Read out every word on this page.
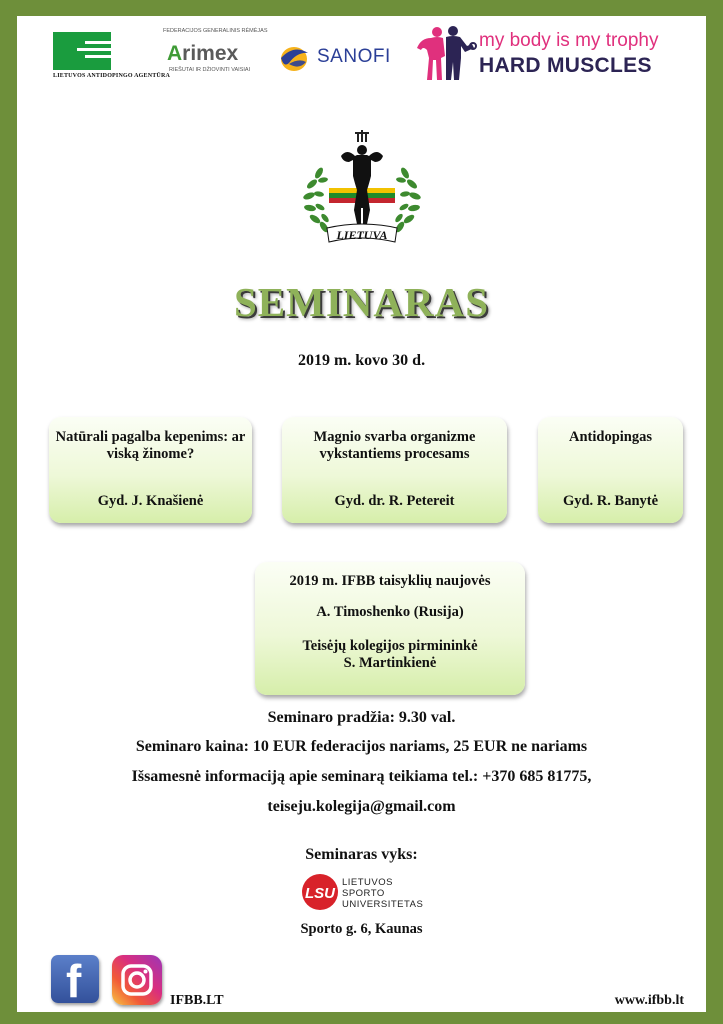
LIETUVOS ANTIDOPINGO AGENTŪRA
FEDERACIJOS GENERALINIS RĖMĖJAS
Arimex
RIEŠUTAI IR DŽIOVINTI VAISIAI
SANOFI
my body is my trophy
HARD MUSCLES
LIETUVA
SEMINARAS
2019 m. kovo 30 d.
Natūrali pagalba kepenims: ar viską žinome?
Gyd. J. Knašienė
Magnio svarba organizme vykstantiems procesams
Gyd. dr. R. Petereit
Antidopingas
Gyd. R. Banytė
2019 m. IFBB taisyklių naujovės
A. Timoshenko (Rusija)
Teisėjų kolegijos pirmininkė
S. Martinkienė
Seminaro pradžia: 9.30 val.
Seminaro kaina: 10 EUR federacijos nariams, 25 EUR ne nariams
Išsamesnė informaciją apie seminarą teikiama tel.: +370 685 81775,
teiseju.kolegija@gmail.com
Seminaras vyks:
LSU
LIETUVOS
SPORTO
UNIVERSITETAS
Sporto g. 6, Kaunas
f	IFBB.LT	www.ifbb.lt
